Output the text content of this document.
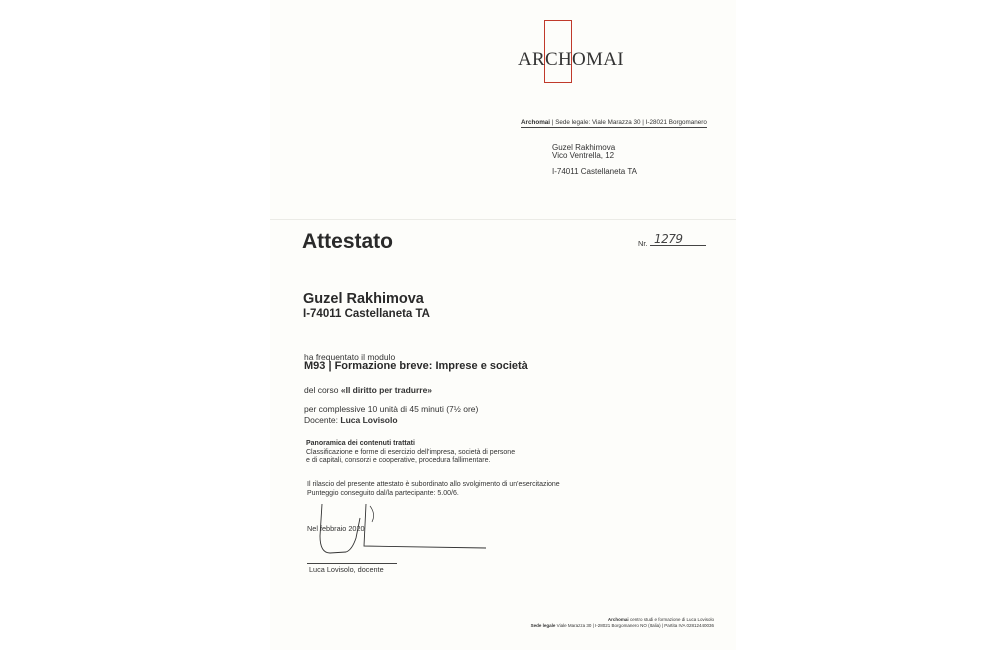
ARCHOMAI
Archomai | Sede legale: Viale Marazza 30 | I-28021 Borgomanero
Guzel Rakhimova
Vico Ventrella, 12
I-74011 Castellaneta TA
Attestato	Nr. 1279
Guzel Rakhimova
I-74011 Castellaneta TA
ha frequentato il modulo
M93 | Formazione breve: Imprese e società
del corso «Il diritto per tradurre»
per complessive 10 unità di 45 minuti (7½ ore)
Docente: Luca Lovisolo
Panoramica dei contenuti trattati
Classificazione e forme di esercizio dell'impresa, società di persone
e di capitali, consorzi e cooperative, procedura fallimentare.
Il rilascio del presente attestato è subordinato allo svolgimento di un'esercitazione
Punteggio conseguito dal/la partecipante: 5.00/6.
Nel febbraio 2020
Luca Lovisolo, docente
Archomai centro studi e formazione di Luca Lovisolo
Sede legale Viale Marazza 30 | I-28021 Borgomanero NO (Italia) | Partita IVA 02812440036
